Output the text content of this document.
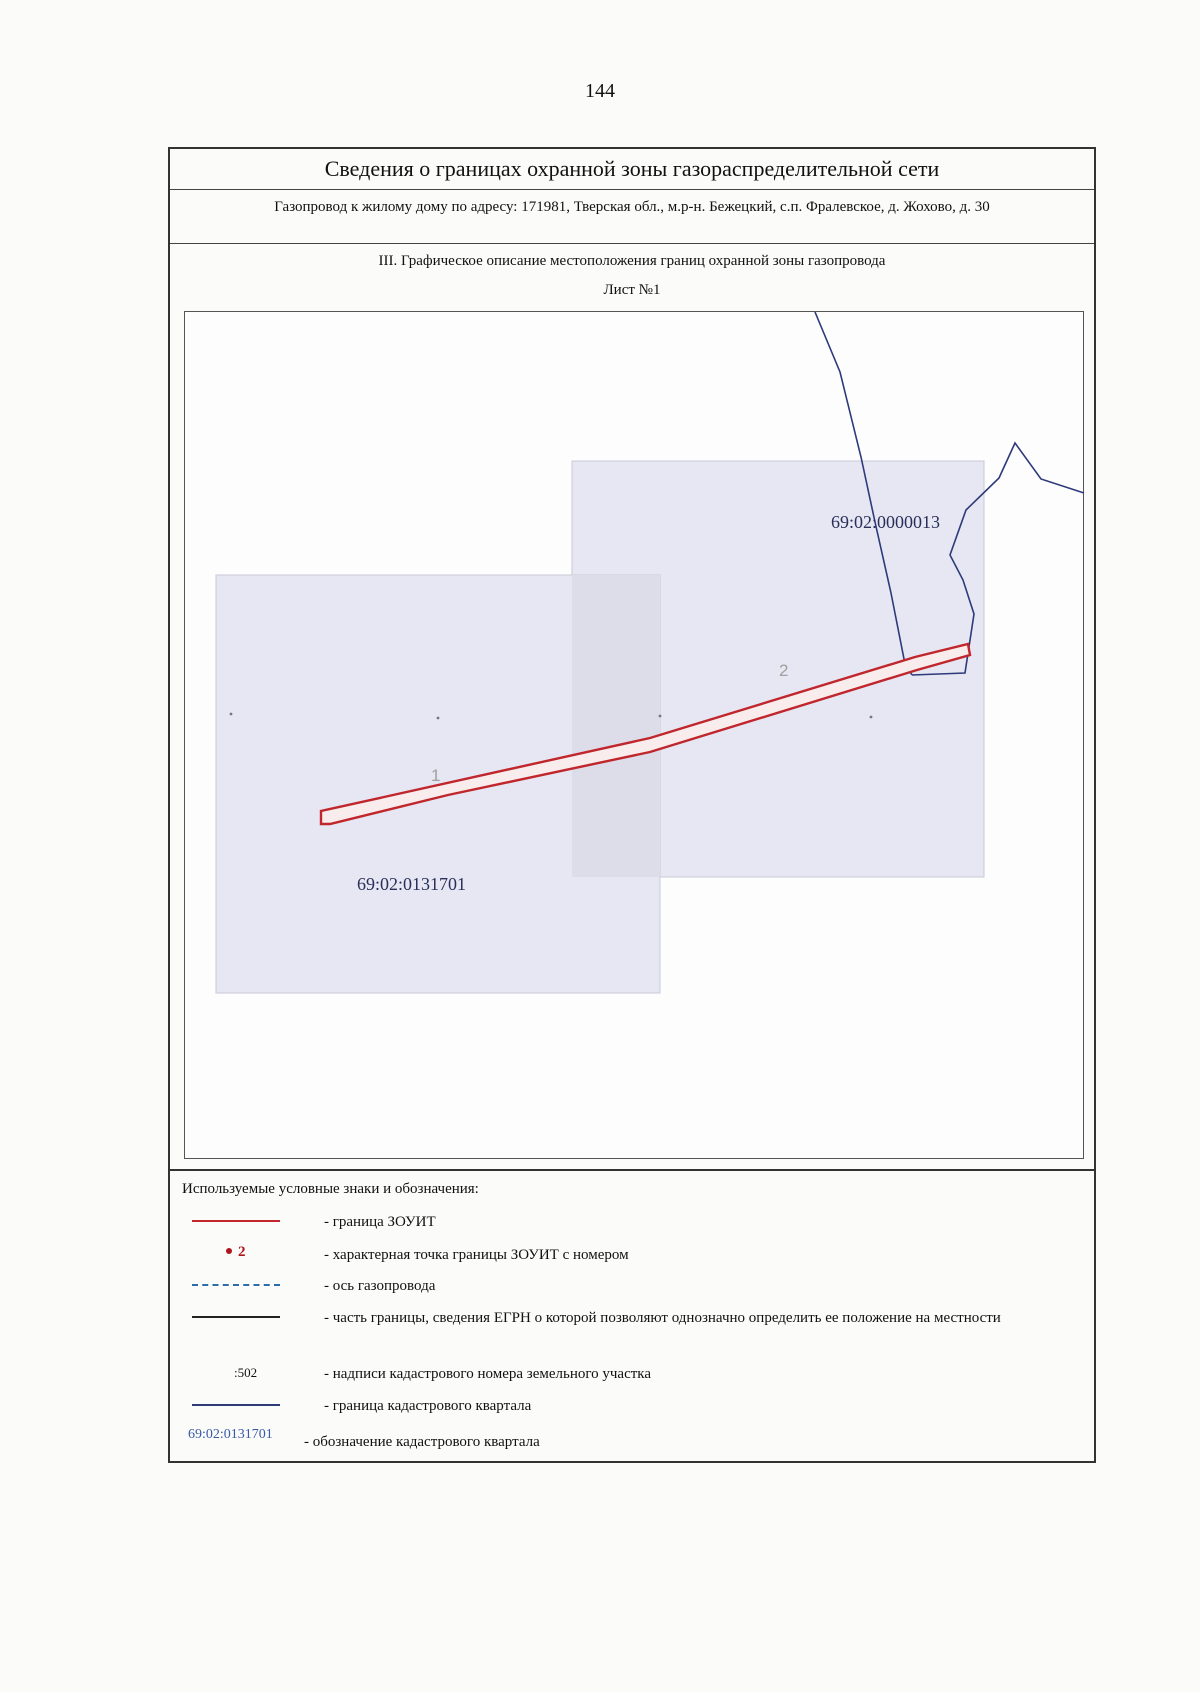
144
Сведения о границах охранной зоны газораспределительной сети
Газопровод к жилому дому по адресу: 171981, Тверская обл., м.р-н. Бежецкий, с.п. Фралевское, д. Жохово, д. 30
III. Графическое описание местоположения границ охранной зоны газопровода
Лист №1
69:02:0000013
69:02:0131701
1
2
Используемые условные знаки и обозначения:
- граница ЗОУИТ
2	- характерная точка границы ЗОУИТ с номером
- ось газопровода
- часть границы, сведения ЕГРН о которой позволяют однозначно определить ее положение на местности
:502	- надписи кадастрового номера земельного участка
- граница кадастрового квартала
69:02:0131701 - обозначение кадастрового квартала
